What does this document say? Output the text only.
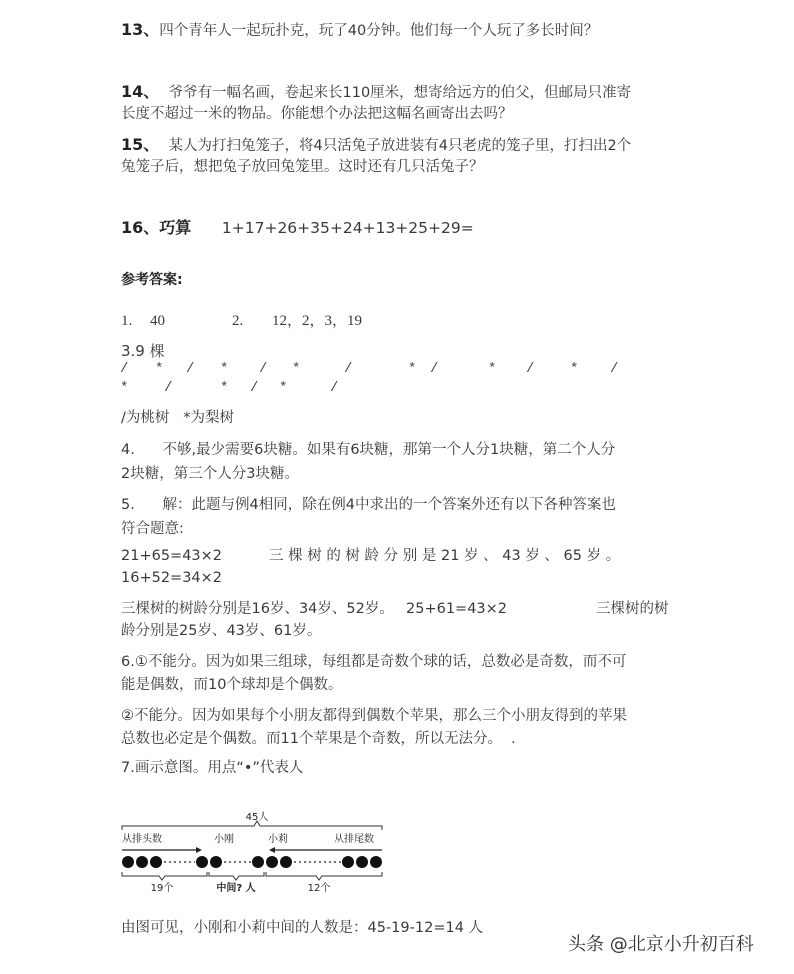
13、四个青年人一起玩扑克，玩了40分钟。他们每一个人玩了多长时间？
14、  爷爷有一幅名画，卷起来长110厘米，想寄给远方的伯父，但邮局只准寄
长度不超过一米的物品。你能想个办法把这幅名画寄出去吗？
15、  某人为打扫兔笼子，将4只活兔子放进装有4只老虎的笼子里，打扫出2个
兔笼子后，想把兔子放回兔笼里。这时还有几只活兔子？
16、巧算 1+17+26+35+24+13+25+29=
参考答案:
1. 40	2. 12，2，3，19
3.9 棵
/ * / * / *	/	* /	* /	* /
*	/	* / *	/
/为桃树   *为梨树
4.      不够,最少需要6块糖。如果有6块糖，那第一个人分1块糖，第二个人分
2块糖，第三个人分3块糖。
5.      解：此题与例4相同，除在例4中求出的一个答案外还有以下各种答案也
符合题意:
21+65=43×2	三 棵 树 的 树 龄 分 别 是 21 岁 、 43 岁 、 65 岁 。
16+52=34×2
三棵树的树龄分别是16岁、34岁、52岁。 25+61=43×2	三棵树的树
龄分别是25岁、43岁、61岁。
6.①不能分。因为如果三组球，每组都是奇数个球的话，总数必是奇数，而不可
能是偶数，而10个球却是个偶数。
②不能分。因为如果每个小朋友都得到偶数个苹果，那么三个小朋友得到的苹果
总数也必定是个偶数。而11个苹果是个奇数，所以无法分。  .
7.画示意图。用点“•”代表人
45人
从排头数	小刚	小莉	从排尾数
19个	中间? 人	12个
由图可见，小刚和小莉中间的人数是：45-19-12=14 人
头条 @北京小升初百科
